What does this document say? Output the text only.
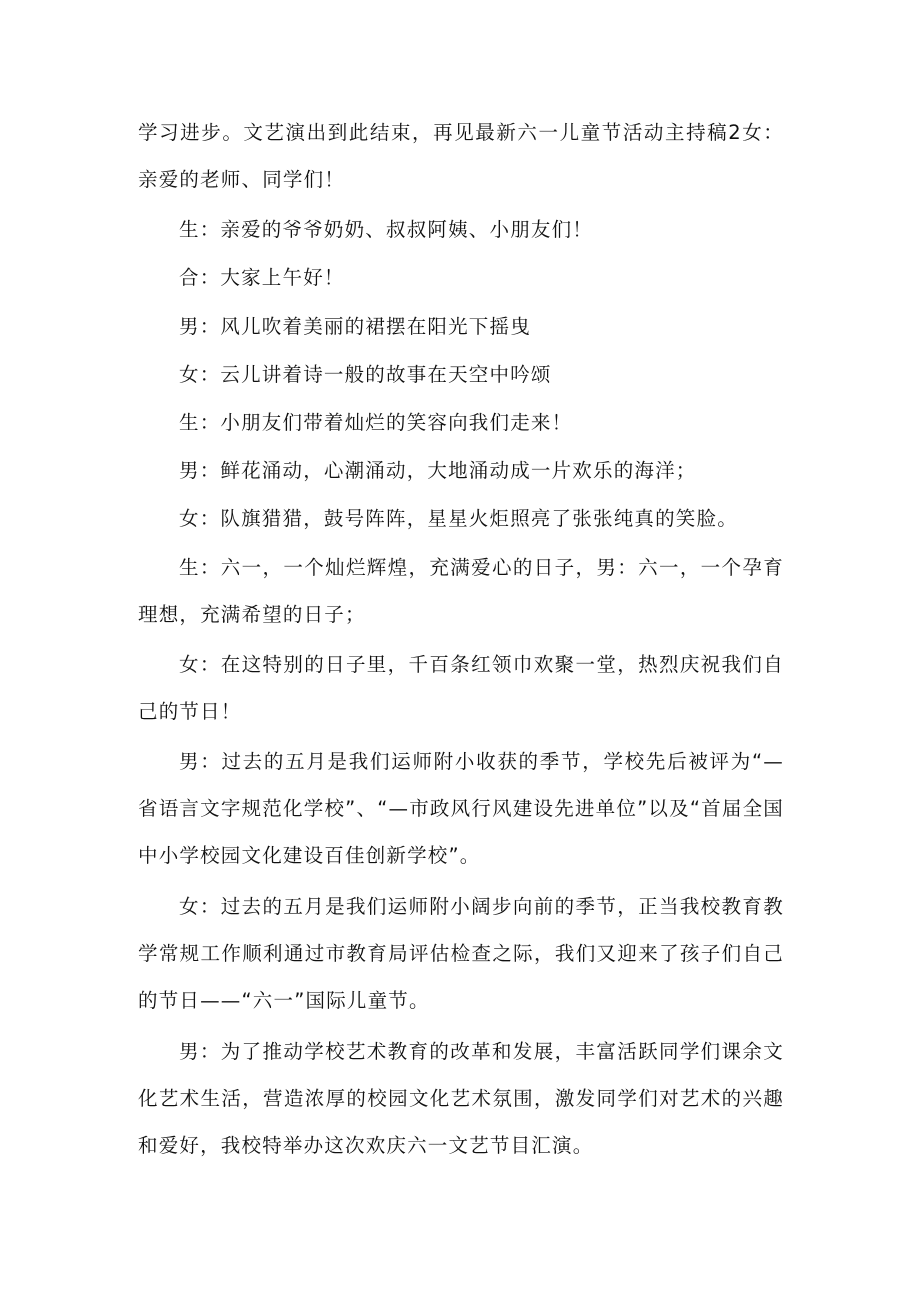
学习进步。文艺演出到此结束，再见最新六一儿童节活动主持稿2女：亲爱的老师、同学们！

生：亲爱的爷爷奶奶、叔叔阿姨、小朋友们！

合：大家上午好！

男：风儿吹着美丽的裙摆在阳光下摇曳

女：云儿讲着诗一般的故事在天空中吟颂

生：小朋友们带着灿烂的笑容向我们走来！

男：鲜花涌动，心潮涌动，大地涌动成一片欢乐的海洋；

女：队旗猎猎，鼓号阵阵，星星火炬照亮了张张纯真的笑脸。

生：六一，一个灿烂辉煌，充满爱心的日子，男：六一，一个孕育理想，充满希望的日子；

女：在这特别的日子里，千百条红领巾欢聚一堂，热烈庆祝我们自己的节日！

男：过去的五月是我们运师附小收获的季节，学校先后被评为“—省语言文字规范化学校”、“—市政风行风建设先进单位”以及“首届全国中小学校园文化建设百佳创新学校”。

女：过去的五月是我们运师附小阔步向前的季节，正当我校教育教学常规工作顺利通过市教育局评估检查之际，我们又迎来了孩子们自己的节日——“六一”国际儿童节。

男：为了推动学校艺术教育的改革和发展，丰富活跃同学们课余文化艺术生活，营造浓厚的校园文化艺术氛围，激发同学们对艺术的兴趣和爱好，我校特举办这次欢庆六一文艺节目汇演。
